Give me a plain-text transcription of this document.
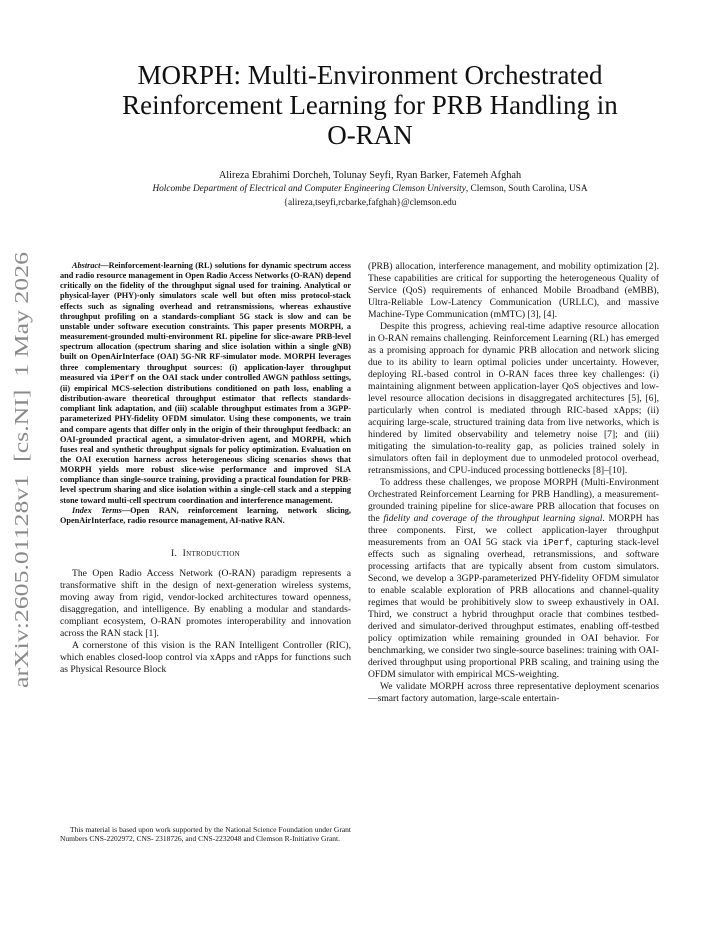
arXiv:2605.01128v1  [cs.NI]  1 May 2026
MORPH: Multi-Environment Orchestrated
Reinforcement Learning for PRB Handling in
O-RAN
Alireza Ebrahimi Dorcheh, Tolunay Seyfi, Ryan Barker, Fatemeh Afghah
Holcombe Department of Electrical and Computer Engineering Clemson University, Clemson, South Carolina, USA
{alireza,tseyfi,rcbarke,fafghah}@clemson.edu

Abstract—Reinforcement-learning (RL) solutions for dynamic spectrum access and radio resource management in Open Radio Access Networks (O-RAN) depend critically on the fidelity of the throughput signal used for training. Analytical or physical-layer (PHY)-only simulators scale well but often miss protocol-stack effects such as signaling overhead and retransmissions, whereas exhaustive throughput profiling on a standards-compliant 5G stack is slow and can be unstable under software execution constraints. This paper presents MORPH, a measurement-grounded multi-environment RL pipeline for slice-aware PRB-level spectrum allocation (spectrum sharing and slice isolation within a single gNB) built on OpenAirInterface (OAI) 5G-NR RF-simulator mode. MORPH leverages three complementary throughput sources: (i) application-layer throughput measured via iPerf on the OAI stack under controlled AWGN pathloss settings, (ii) empirical MCS-selection distributions conditioned on path loss, enabling a distribution-aware theoretical throughput estimator that reflects standards-compliant link adaptation, and (iii) scalable throughput estimates from a 3GPP-parameterized PHY-fidelity OFDM simulator. Using these components, we train and compare agents that differ only in the origin of their throughput feedback: an OAI-grounded practical agent, a simulator-driven agent, and MORPH, which fuses real and synthetic throughput signals for policy optimization. Evaluation on the OAI execution harness across heterogeneous slicing scenarios shows that MORPH yields more robust slice-wise performance and improved SLA compliance than single-source training, providing a practical foundation for PRB-level spectrum sharing and slice isolation within a single-cell stack and a stepping stone toward multi-cell spectrum coordination and interference management.

Index Terms—Open RAN, reinforcement learning, network slicing, OpenAirInterface, radio resource management, AI-native RAN.

I. Introduction

The Open Radio Access Network (O-RAN) paradigm represents a transformative shift in the design of next-generation wireless systems, moving away from rigid, vendor-locked architectures toward openness, disaggregation, and intelligence. By enabling a modular and standards-compliant ecosystem, O-RAN promotes interoperability and innovation across the RAN stack [1].

A cornerstone of this vision is the RAN Intelligent Controller (RIC), which enables closed-loop control via xApps and rApps for functions such as Physical Resource Block

This material is based upon work supported by the National Science Foundation under Grant Numbers CNS-2202972, CNS- 2318726, and CNS-2232048 and Clemson R-Initiative Grant.

(PRB) allocation, interference management, and mobility optimization [2]. These capabilities are critical for supporting the heterogeneous Quality of Service (QoS) requirements of enhanced Mobile Broadband (eMBB), Ultra-Reliable Low-Latency Communication (URLLC), and massive Machine-Type Communication (mMTC) [3], [4].

Despite this progress, achieving real-time adaptive resource allocation in O-RAN remains challenging. Reinforcement Learning (RL) has emerged as a promising approach for dynamic PRB allocation and network slicing due to its ability to learn optimal policies under uncertainty. However, deploying RL-based control in O-RAN faces three key challenges: (i) maintaining alignment between application-layer QoS objectives and low-level resource allocation decisions in disaggregated architectures [5], [6], particularly when control is mediated through RIC-based xApps; (ii) acquiring large-scale, structured training data from live networks, which is hindered by limited observability and telemetry noise [7]; and (iii) mitigating the simulation-to-reality gap, as policies trained solely in simulators often fail in deployment due to unmodeled protocol overhead, retransmissions, and CPU-induced processing bottlenecks [8]–[10].

To address these challenges, we propose MORPH (Multi-Environment Orchestrated Reinforcement Learning for PRB Handling), a measurement-grounded training pipeline for slice-aware PRB allocation that focuses on the fidelity and coverage of the throughput learning signal. MORPH has three components. First, we collect application-layer throughput measurements from an OAI 5G stack via iPerf, capturing stack-level effects such as signaling overhead, retransmissions, and software processing artifacts that are typically absent from custom simulators. Second, we develop a 3GPP-parameterized PHY-fidelity OFDM simulator to enable scalable exploration of PRB allocations and channel-quality regimes that would be prohibitively slow to sweep exhaustively in OAI. Third, we construct a hybrid throughput oracle that combines testbed-derived and simulator-derived throughput estimates, enabling off-testbed policy optimization while remaining grounded in OAI behavior. For benchmarking, we consider two single-source baselines: training with OAI-derived throughput using proportional PRB scaling, and training using the OFDM simulator with empirical MCS-weighting.

We validate MORPH across three representative deployment scenarios—smart factory automation, large-scale entertain-
